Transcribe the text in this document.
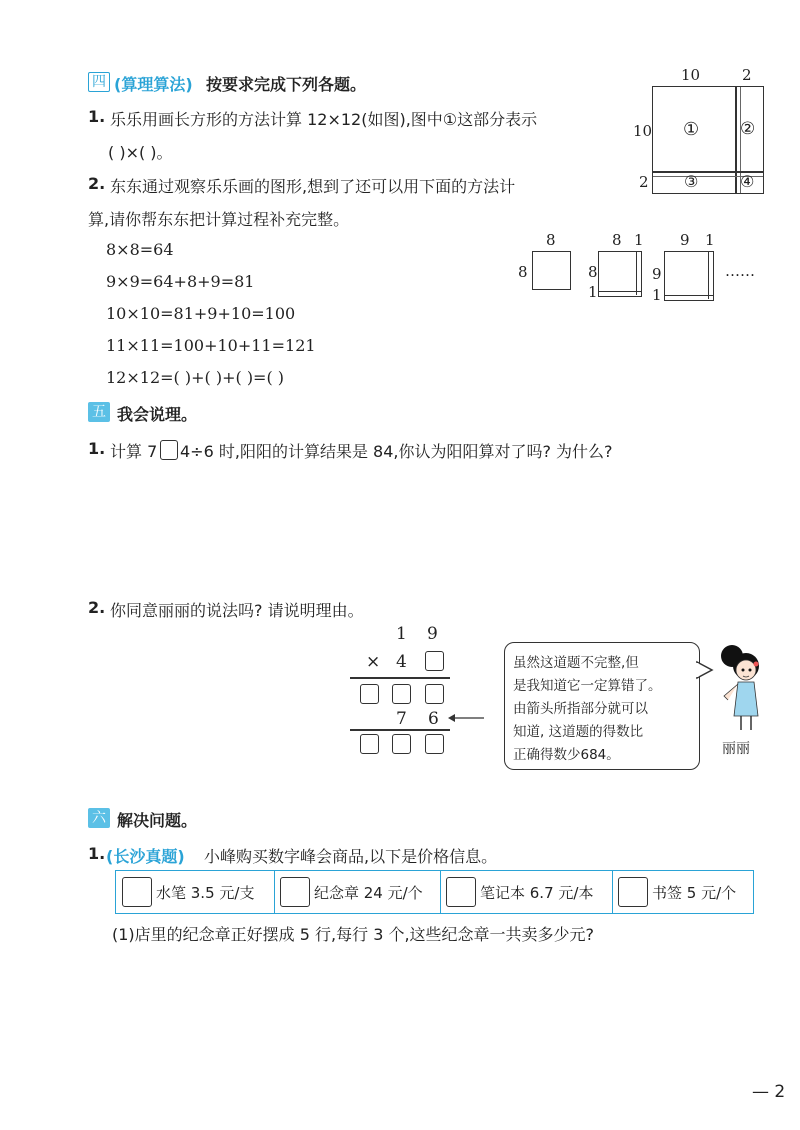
四 (算理算法) 按要求完成下列各题。
1. 乐乐用画长方形的方法计算 12×12(如图),图中①这部分表示
( )×( )。
2. 东东通过观察乐乐画的图形,想到了还可以用下面的方法计
算,请你帮东东把计算过程补充完整。
8×8=64
9×9=64+8+9=81
10×10=81+9+10=100
11×11=100+10+11=121
12×12=( )+( )+( )=( )
10	2
10
2
① ②
③	④
8
8
8 1
8
1
9 1
9
1
……
五 我会说理。
1. 计算 7 4÷6 时,阳阳的计算结果是 84,你认为阳阳算对了吗? 为什么?
2. 你同意丽丽的说法吗? 请说明理由。
1 9
× 4
7 6
虽然这道题不完整,但
是我知道它一定算错了。
由箭头所指部分就可以
知道, 这道题的得数比
正确得数少684。	丽丽
六 解决问题。
1. (长沙真题) 小峰购买数字峰会商品,以下是价格信息。
水笔 3.5 元/支	纪念章 24 元/个	笔记本 6.7 元/本	书签 5 元/个
(1)店里的纪念章正好摆成 5 行,每行 3 个,这些纪念章一共卖多少元?
— 2
